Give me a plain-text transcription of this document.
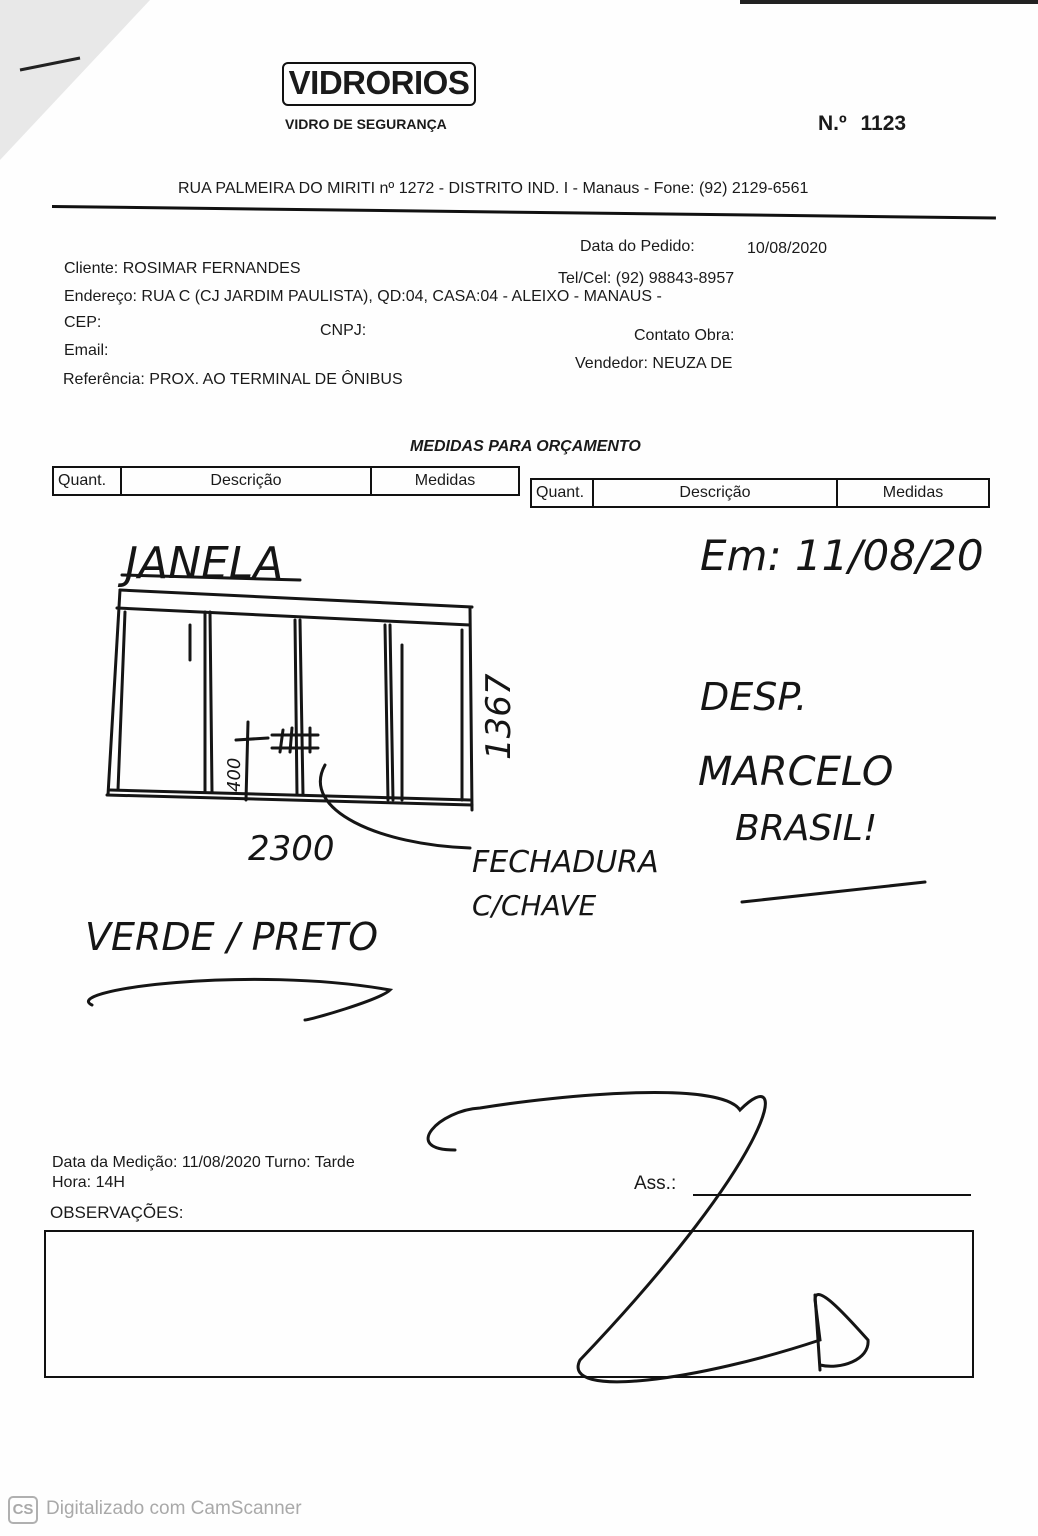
VIDRORIOS
VIDRO DE SEGURANÇA	N.º 1123
RUA PALMEIRA DO MIRITI nº 1272 - DISTRITO IND. I - Manaus - Fone: (92) 2129-6561
Data do Pedido:	10/08/2020
Cliente: ROSIMAR FERNANDES
Tel/Cel: (92) 98843-8957
Endereço: RUA C (CJ JARDIM PAULISTA), QD:04, CASA:04 - ALEIXO - MANAUS -
CEP:	CNPJ:	Contato Obra:
Email:
Vendedor: NEUZA DE
Referência: PROX. AO TERMINAL DE ÔNIBUS
MEDIDAS PARA ORÇAMENTO
Quant.	Descrição	Medidas
Quant.	Descrição	Medidas
JANELA	Em: 11/08/20
1367
400
2300	FECHADURA
C/CHAVE
VERDE / PRETO
DESP.
MARCELO
BRASIL!
Data da Medição: 11/08/2020 Turno: Tarde
Hora: 14H
OBSERVAÇÕES:
Ass.:
CS Digitalizado com CamScanner
